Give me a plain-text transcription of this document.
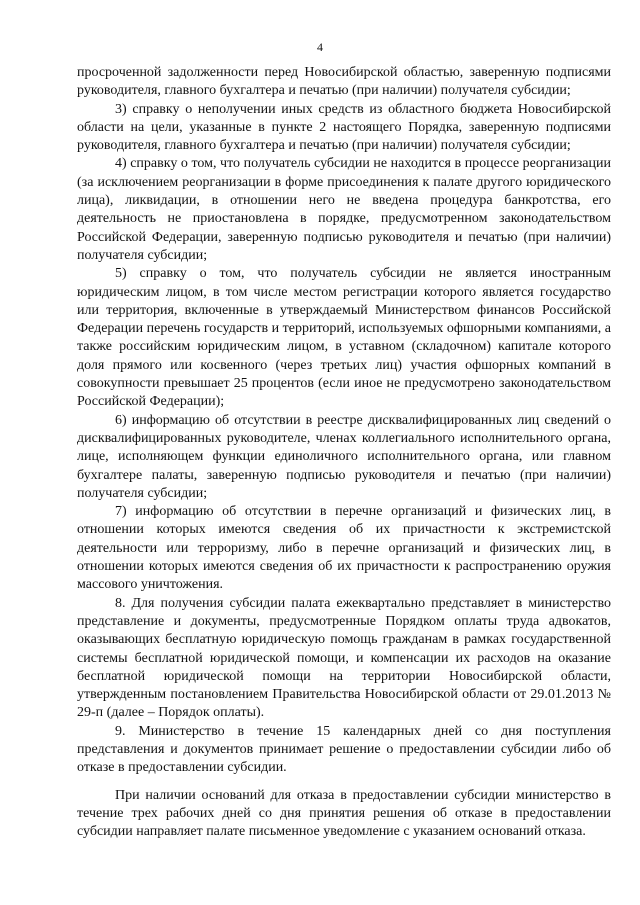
4

просроченной задолженности перед Новосибирской областью, заверенную подписями руководителя, главного бухгалтера и печатью (при наличии) получателя субсидии;

3) справку о неполучении иных средств из областного бюджета Новосибирской области на цели, указанные в пункте 2 настоящего Порядка, заверенную подписями руководителя, главного бухгалтера и печатью (при наличии) получателя субсидии;

4) справку о том, что получатель субсидии не находится в процессе реорганизации (за исключением реорганизации в форме присоединения к палате другого юридического лица), ликвидации, в отношении него не введена процедура банкротства, его деятельность не приостановлена в порядке, предусмотренном законодательством Российской Федерации, заверенную подписью руководителя и печатью (при наличии) получателя субсидии;

5) справку о том, что получатель субсидии не является иностранным юридическим лицом, в том числе местом регистрации которого является государство или территория, включенные в утверждаемый Министерством финансов Российской Федерации перечень государств и территорий, используемых офшорными компаниями, а также российским юридическим лицом, в уставном (складочном) капитале которого доля прямого или косвенного (через третьих лиц) участия офшорных компаний в совокупности превышает 25 процентов (если иное не предусмотрено законодательством Российской Федерации);

6) информацию об отсутствии в реестре дисквалифицированных лиц сведений о дисквалифицированных руководителе, членах коллегиального исполнительного органа, лице, исполняющем функции единоличного исполнительного органа, или главном бухгалтере палаты, заверенную подписью руководителя и печатью (при наличии) получателя субсидии;

7) информацию об отсутствии в перечне организаций и физических лиц, в отношении которых имеются сведения об их причастности к экстремистской деятельности или терроризму, либо в перечне организаций и физических лиц, в отношении которых имеются сведения об их причастности к распространению оружия массового уничтожения.

8. Для получения субсидии палата ежеквартально представляет в министерство представление и документы, предусмотренные Порядком оплаты труда адвокатов, оказывающих бесплатную юридическую помощь гражданам в рамках государственной системы бесплатной юридической помощи, и компенсации их расходов на оказание бесплатной юридической помощи на территории Новосибирской области, утвержденным постановлением Правительства Новосибирской области от 29.01.2013 № 29-п (далее – Порядок оплаты).

9. Министерство в течение 15 календарных дней со дня поступления представления и документов принимает решение о предоставлении субсидии либо об отказе в предоставлении субсидии.

При наличии оснований для отказа в предоставлении субсидии министерство в течение трех рабочих дней со дня принятия решения об отказе в предоставлении субсидии направляет палате письменное уведомление с указанием оснований отказа.
